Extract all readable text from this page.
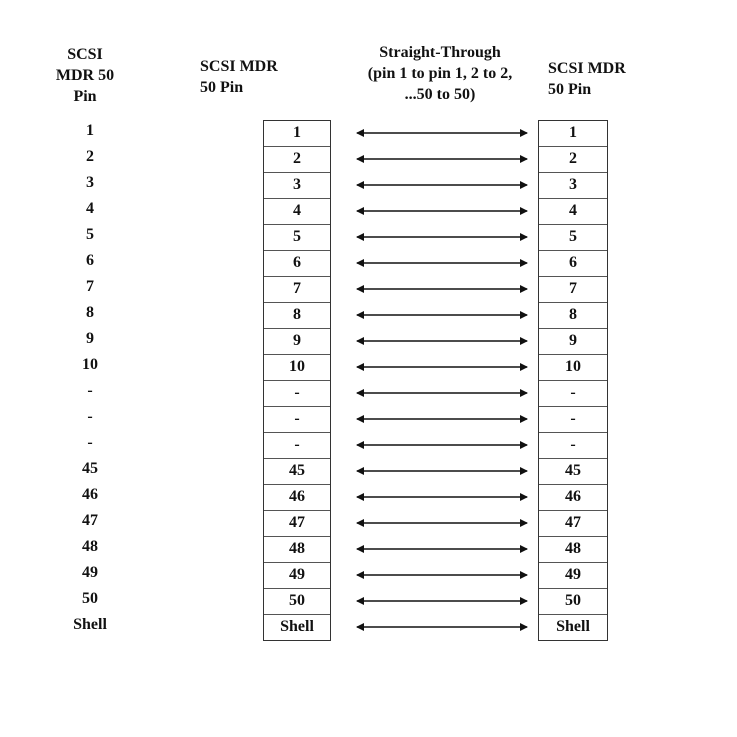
SCSI
MDR 50
Pin
SCSI MDR
50 Pin
Straight-Through
(pin 1 to pin 1, 2 to 2,
...50 to 50)
SCSI MDR
50 Pin
1
2
3
4
5
6
7
8
9
10
-
-
-
45
46
47
48
49
50
Shell
1
2
3
4
5
6
7
8
9
10
-
-
-
45
46
47
48
49
50
Shell
1
2
3
4
5
6
7
8
9
10
-
-
-
45
46
47
48
49
50
Shell
